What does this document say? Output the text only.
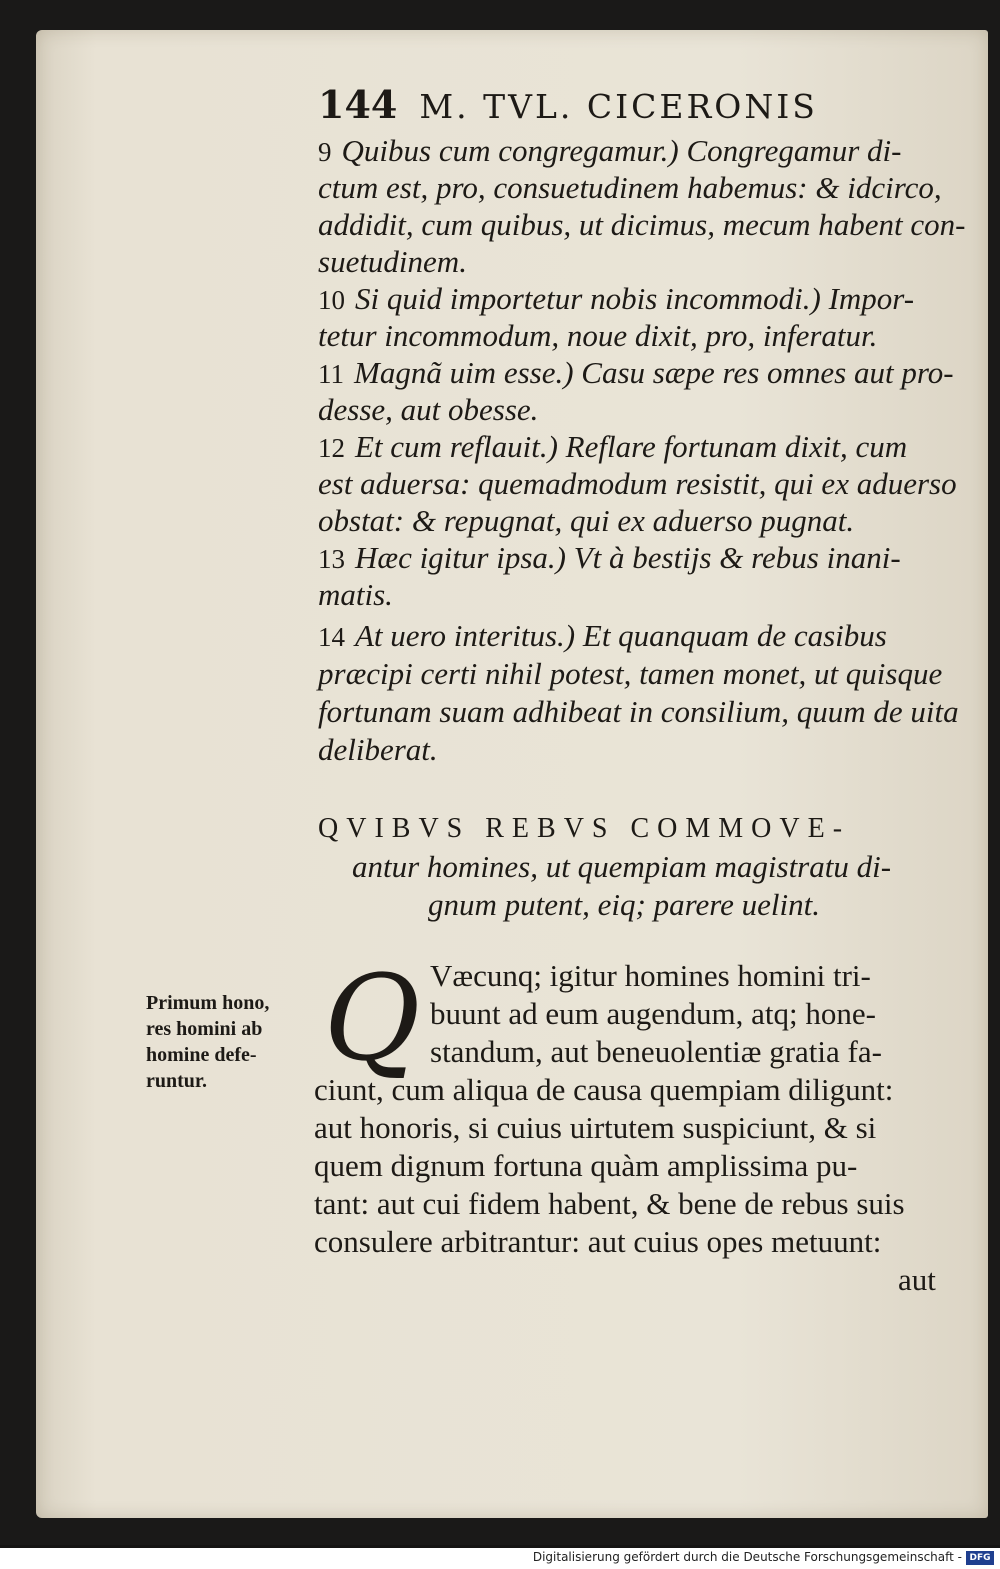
144 M. TVL. CICERONIS
9 Quibus cum congregamur.) Congregamur di-
ctum est, pro, consuetudinem habemus: & idcirco,
addidit, cum quibus, ut dicimus, mecum habent con-
suetudinem.
10 Si quid importetur nobis incommodi.) Impor-
tetur incommodum, noue dixit, pro, inferatur.
11 Magnã uim esse.) Casu sæpe res omnes aut pro-
desse, aut obesse.
12 Et cum reflauit.) Reflare fortunam dixit, cum
est aduersa: quemadmodum resistit, qui ex aduerso
obstat: & repugnat, qui ex aduerso pugnat.
13 Hæc igitur ipsa.) Vt à bestijs & rebus inani-
matis.
14 At uero interitus.) Et quanquam de casibus
præcipi certi nihil potest, tamen monet, ut quisque
fortunam suam adhibeat in consilium, quum de uita
deliberat.
QVIBVS REBVS COMMOVE-
antur homines, ut quempiam magistratu di-
gnum putent, eiq; parere uelint.
Q Væcunq; igitur homines homini tri-
buunt ad eum augendum, atq; hone-
standum, aut beneuolentiæ gratia fa-
ciunt, cum aliqua de causa quempiam diligunt:
aut honoris, si cuius uirtutem suspiciunt, & si
quem dignum fortuna quàm amplissima pu-
tant: aut cui fidem habent, & bene de rebus suis
consulere arbitrantur: aut cuius opes metuunt:
aut
Primum hono,
res homini ab
homine defe-
runtur.
Digitalisierung gefördert durch die Deutsche Forschungsgemeinschaft - DFG
